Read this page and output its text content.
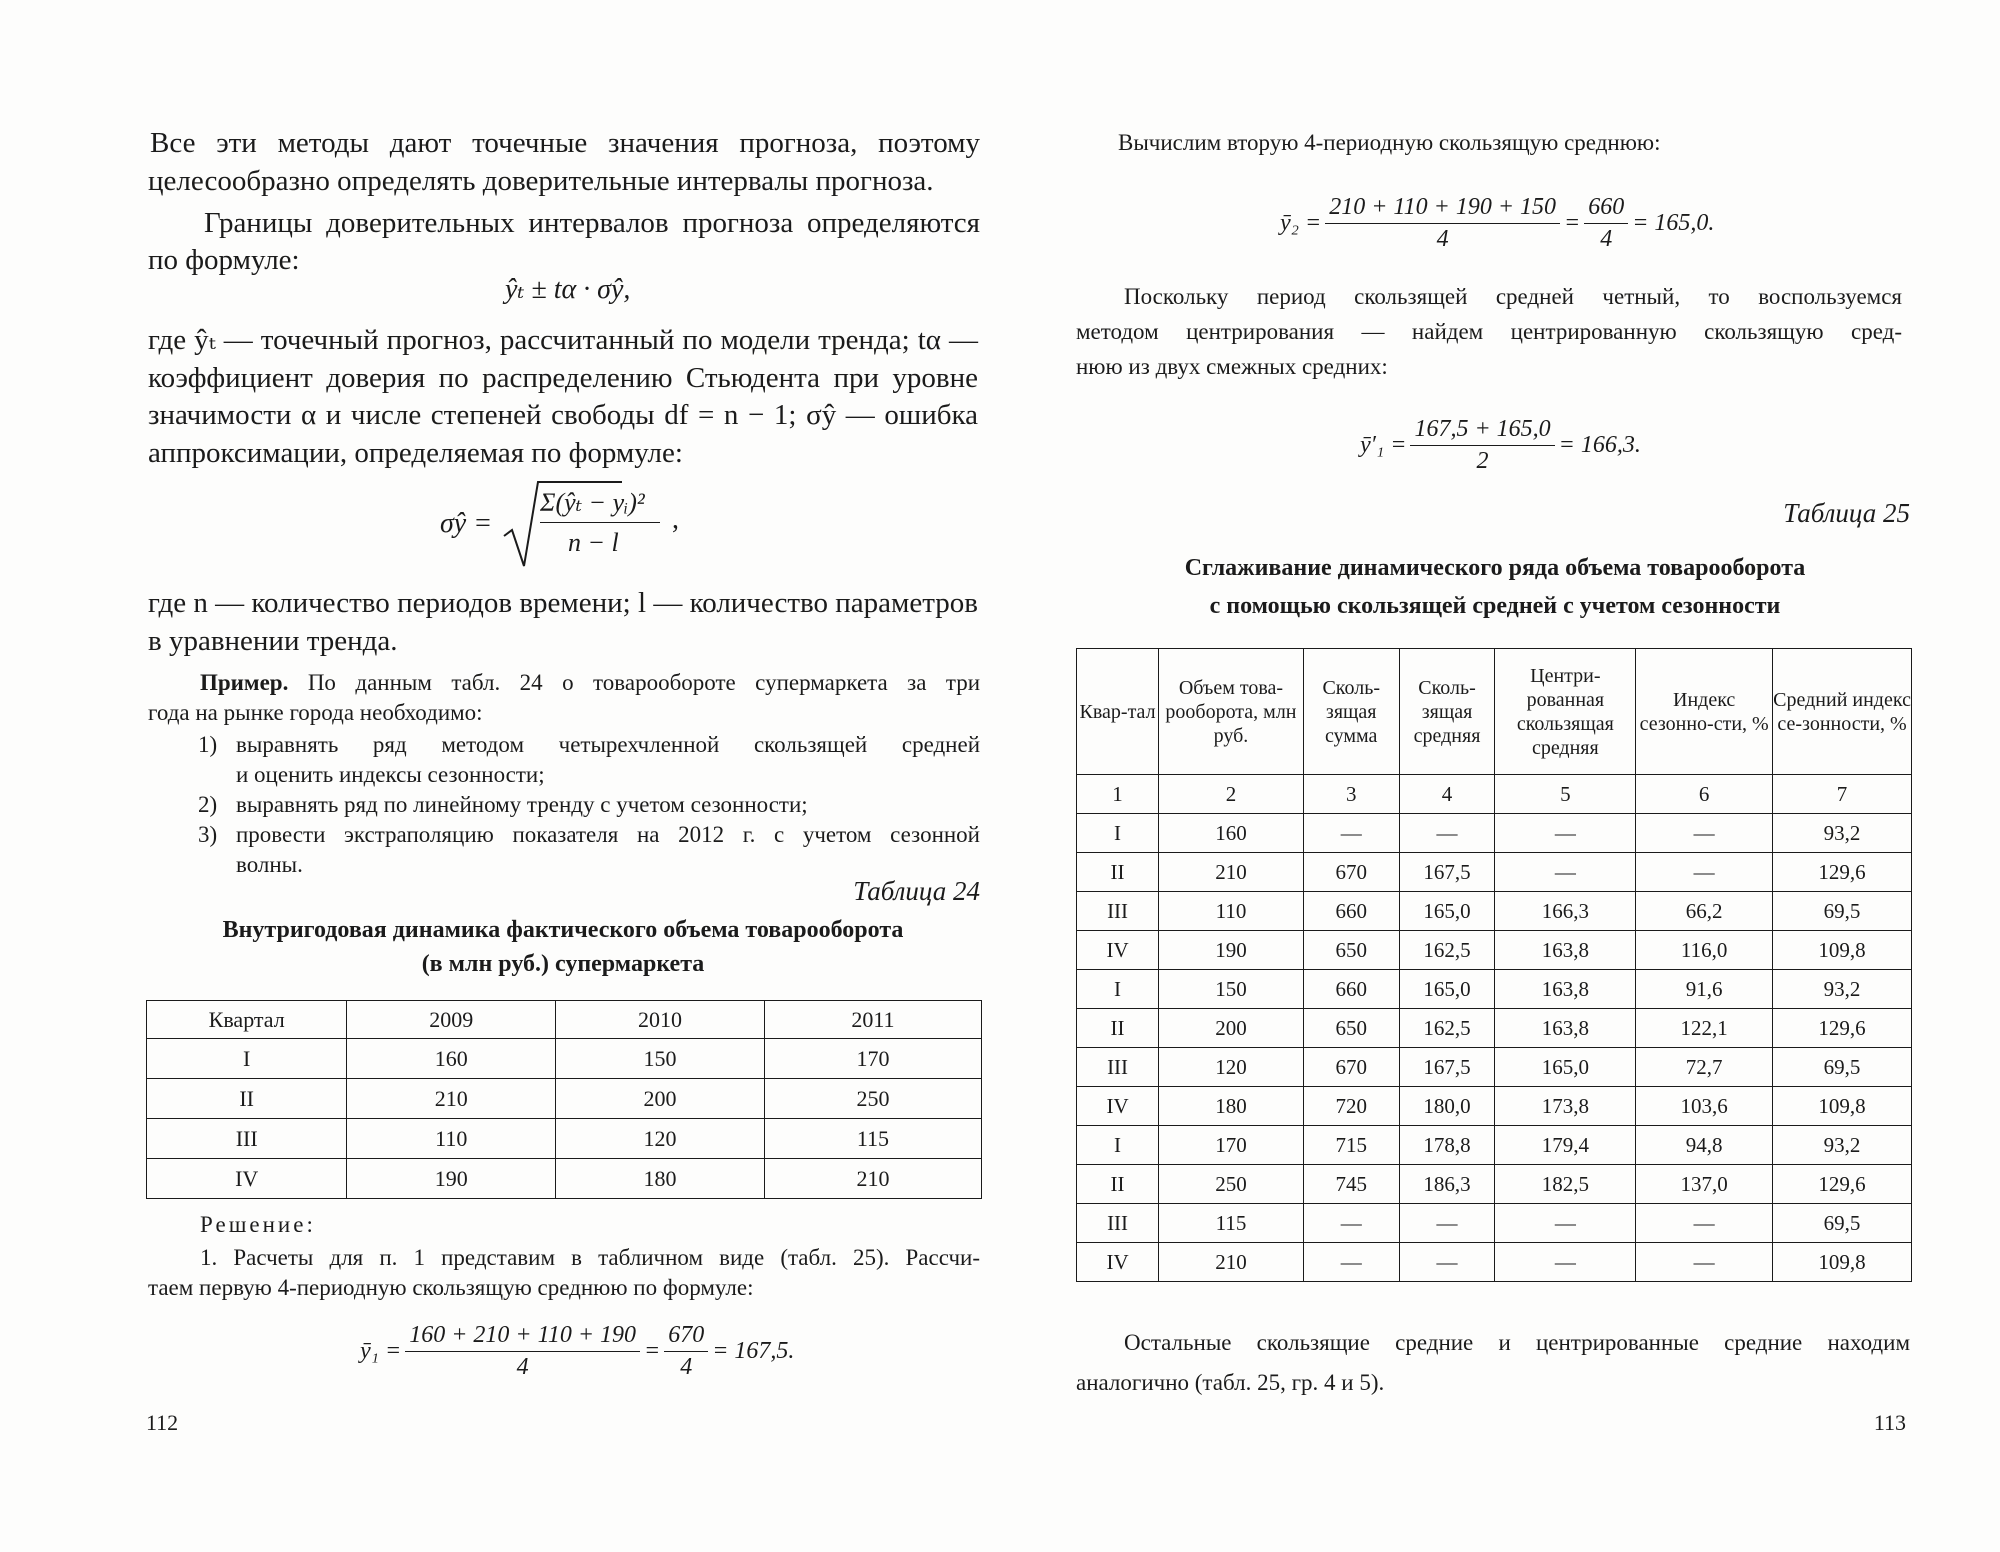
Все эти методы дают точечные значения прогноза, поэтому
целесообразно определять доверительные интервалы прогноза.
Границы доверительных интервалов прогноза определяются
по формуле:
ŷₜ ± tα · σŷ,
где ŷₜ — точечный прогноз, рассчитанный по модели тренда; tα —
коэффициент доверия по распределению Стьюдента при уровне
значимости α и числе степеней свободы df = n − 1; σŷ — ошибка
аппроксимации, определяемая по формуле:
σŷ =
Σ(ŷₜ − yᵢ)²
n − l
,
где n — количество периодов времени; l — количество параметров
в уравнении тренда.
Пример. По данным табл. 24 о товарообороте супермаркета за три
года на рынке города необходимо:
1) выравнять ряд методом четырехчленной скользящей средней
и оценить индексы сезонности;
2) выравнять ряд по линейному тренду с учетом сезонности;
3) провести экстраполяцию показателя на 2012 г. с учетом сезонной
волны.
Таблица 24
Внутригодовая динамика фактического объема товарооборота
(в млн руб.) супермаркета
Квартал	2009	2010	2011
I	160	150	170
II	210	200	250
III	110	120	115
IV	190	180	210
Решение:
1. Расчеты для п. 1 представим в табличном виде (табл. 25). Рассчи-
таем первую 4-периодную скользящую среднюю по формуле:
ȳ₁ = $\frac{160 + 210 + 110 + 190}{4} = \frac{670}{4} = 167,5$.
112
Вычислим вторую 4-периодную скользящую среднюю:
ȳ₂ = $\frac{210 + 110 + 190 + 150}{4} = \frac{660}{4} = 165,0$.
Поскольку период скользящей средней четный, то воспользуемся
методом центрирования — найдем центрированную скользящую сред-
нюю из двух смежных средних:
ȳ′₁ = $\frac{167,5 + 165,0}{2} = 166,3$.
Таблица 25
Сглаживание динамического ряда объема товарооборота
с помощью скользящей средней с учетом сезонности
Квар-тал	Объем това-рооборота, млн руб.	Сколь-зящая сумма	Сколь-зящая средняя	Центри-рованная скользящая средняя	Индекс сезонно-сти, %	Средний индекс се-зонности, %
1	2	3	4	5	6	7
I	160	—	—	—	—	93,2
II	210	670	167,5	—	—	129,6
III	110	660	165,0	166,3	66,2	69,5
IV	190	650	162,5	163,8	116,0	109,8
I	150	660	165,0	163,8	91,6	93,2
II	200	650	162,5	163,8	122,1	129,6
III	120	670	167,5	165,0	72,7	69,5
IV	180	720	180,0	173,8	103,6	109,8
I	170	715	178,8	179,4	94,8	93,2
II	250	745	186,3	182,5	137,0	129,6
III	115	—	—	—	—	69,5
IV	210	—	—	—	—	109,8
Остальные скользящие средние и центрированные средние находим
аналогично (табл. 25, гр. 4 и 5).
113
